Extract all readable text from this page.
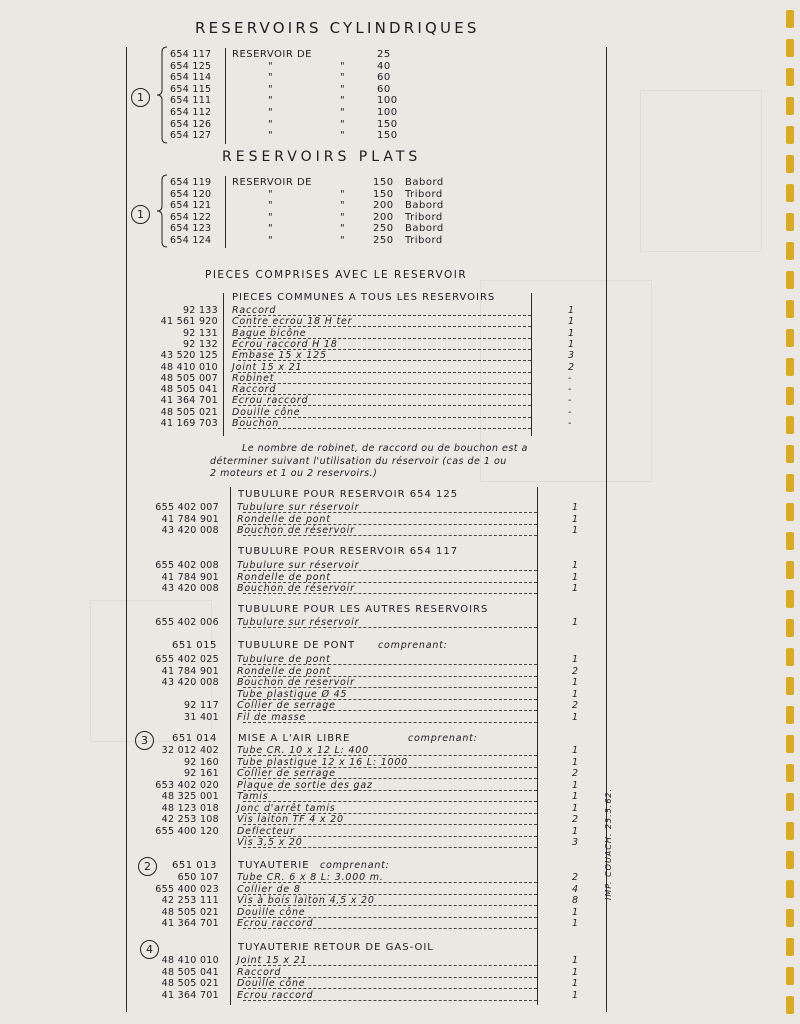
RESERVOIRS CYLINDRIQUES
RESERVOIRS PLATS
PIECES COMPRISES AVEC LE RESERVOIR
IMP. COUACH. 25.5.62.
1
654 117 RESERVOIR DE	25
654 125	"	"	40
654 114	"	"	60
654 115	"	"	60
654 111	"	"	100
654 112	"	"	100
654 126	"	"	150
654 127	"	"	150
1
654 119 RESERVOIR DE	150 Babord
654 120	"	"	150 Tribord
654 121	"	"	200 Babord
654 122	"	"	200 Tribord
654 123	"	"	250 Babord
654 124	"	"	250 Tribord
PIECES COMMUNES A TOUS LES RESERVOIRS
92 133 Raccord	1
41 561 920 Contre ecrou 18 H ter	1
92 131 Bague bicône	1
92 132 Ecrou raccord H 18	1
43 520 125 Embase 15 x 125	3
48 410 010 Joint 15 x 21	2
48 505 007 Robinet	-
48 505 041 Raccord	-
41 364 701 Ecrou raccord	-
48 505 021 Douille cône	-
41 169 703 Bouchon	-
Le nombre de robinet, de raccord ou de bouchon est a
déterminer suivant l'utilisation du réservoir (cas de 1 ou
2 moteurs et 1 ou 2 reservoirs.)
TUBULURE POUR RESERVOIR 654 125
655 402 007 Tubulure sur réservoir	1
41 784 901 Rondelle de pont	1
43 420 008 Bouchon de réservoir	1
TUBULURE POUR RESERVOIR 654 117
655 402 008 Tubulure sur réservoir	1
41 784 901 Rondelle de pont	1
43 420 008 Bouchon de réservoir	1
TUBULURE POUR LES AUTRES RESERVOIRS
655 402 006 Tubulure sur réservoir	1
651 015 TUBULURE DE PONT comprenant:
655 402 025 Tubulure de pont	1
41 784 901 Rondelle de pont	2
43 420 008 Bouchon de reservoir	1
Tube plastique Ø 45	1
92 117 Collier de serrage	2
31 401 Fil de masse	1
3	651 014 MISE A L'AIR LIBRE	comprenant:
32 012 402 Tube CR. 10 x 12 L: 400	1
92 160 Tube plastique 12 x 16 L: 1000	1
92 161 Collier de serrage	2
653 402 020 Plaque de sortie des gaz	1
48 325 001 Tamis	1
48 123 018 Jonc d'arrêt tamis	1
42 253 108 Vis laiton TF 4 x 20	2
655 400 120 Deflecteur	1
Vis 3,5 x 20	3
2	651 013 TUYAUTERIE comprenant:
650 107 Tube CR. 6 x 8 L: 3.000 m.	2
655 400 023 Collier de 8	4
42 253 111 Vis à bois laiton 4,5 x 20	8
48 505 021 Douille cône	1
41 364 701 Ecrou raccord	1
4	TUYAUTERIE RETOUR DE GAS-OIL
48 410 010 Joint 15 x 21	1
48 505 041 Raccord	1
48 505 021 Douille cône	1
41 364 701 Ecrou raccord	1
